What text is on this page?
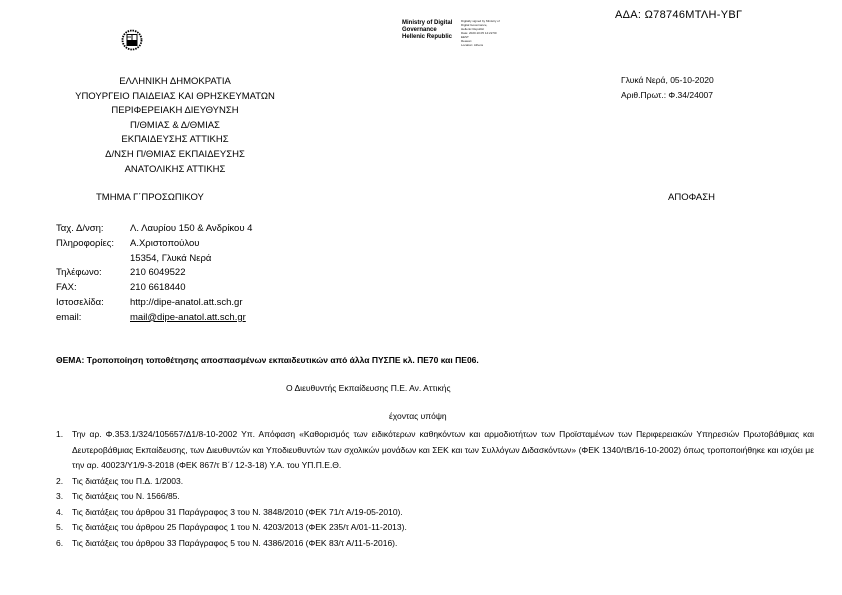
ΑΔΑ: Ω78746ΜΤΛΗ-ΥΒΓ
Ministry of Digital
Governance
Hellenic Republic
Digitally signed by Ministry of
Digital Governance,
Hellenic Republic
Date: 2020.10.05 14:22:50
EEST
Reason:
Location: Athens
ΕΛΛΗΝΙΚΗ ΔΗΜΟΚΡΑΤΙΑ
ΥΠΟΥΡΓΕΙΟ ΠΑΙΔΕΙΑΣ ΚΑΙ ΘΡΗΣΚΕΥΜΑΤΩΝ
ΠΕΡΙΦΕΡΕΙΑΚΗ ΔΙΕΥΘΥΝΣΗ
Π/ΘΜΙΑΣ & Δ/ΘΜΙΑΣ
ΕΚΠΑΙΔΕΥΣΗΣ ΑΤΤΙΚΗΣ
Δ/ΝΣΗ Π/ΘΜΙΑΣ ΕΚΠΑΙΔΕΥΣΗΣ
ΑΝΑΤΟΛΙΚΗΣ ΑΤΤΙΚΗΣ
Γλυκά Νερά, 05-10-2020
Αριθ.Πρωτ.: Φ.34/24007
ΤΜΗΜΑ Γ΄ΠΡΟΣΩΠΙΚΟΥ	ΑΠΟΦΑΣΗ
Ταχ. Δ/νση:	Λ. Λαυρίου 150 & Ανδρίκου 4
Πληροφορίες:	Α.Χριστοπούλου
15354, Γλυκά Νερά
Τηλέφωνο:	210 6049522
FAX:	210 6618440
Ιστοσελίδα:	http://dipe-anatol.att.sch.gr
email:	mail@dipe-anatol.att.sch.gr
ΘΕΜΑ: Τροποποίηση τοποθέτησης αποσπασμένων εκπαιδευτικών από άλλα ΠΥΣΠΕ κλ. ΠΕ70 και ΠΕ06.
Ο Διευθυντής Εκπαίδευσης Π.Ε. Αν. Αττικής
έχοντας υπόψη
1.	Την αρ. Φ.353.1/324/105657/Δ1/8-10-2002 Υπ. Απόφαση «Καθορισμός των ειδικότερων καθηκόντων και αρμοδιοτήτων των Προϊσταμένων των Περιφερειακών Υπηρεσιών Πρωτοβάθμιας και Δευτεροβάθμιας Εκπαίδευσης, των Διευθυντών και Υποδιευθυντών των σχολικών μονάδων και ΣΕΚ και των Συλλόγων Διδασκόντων» (ΦΕΚ 1340/τΒ/16-10-2002) όπως τροποποιήθηκε και ισχύει με την αρ. 40023/Υ1/9-3-2018 (ΦΕΚ 867/τ Β΄/ 12-3-18) Υ.Α. του ΥΠ.Π.Ε.Θ.
2.	Τις διατάξεις του Π.Δ. 1/2003.
3.	Τις διατάξεις του Ν. 1566/85.
4.	Τις διατάξεις του άρθρου 31 Παράγραφος 3 του Ν. 3848/2010 (ΦΕΚ 71/τ Α/19-05-2010).
5.	Τις διατάξεις του άρθρου 25 Παράγραφος 1 του Ν. 4203/2013 (ΦΕΚ 235/τ Α/01-11-2013).
6.	Τις διατάξεις του άρθρου 33 Παράγραφος 5 του Ν. 4386/2016 (ΦΕΚ 83/τ Α/11-5-2016).
